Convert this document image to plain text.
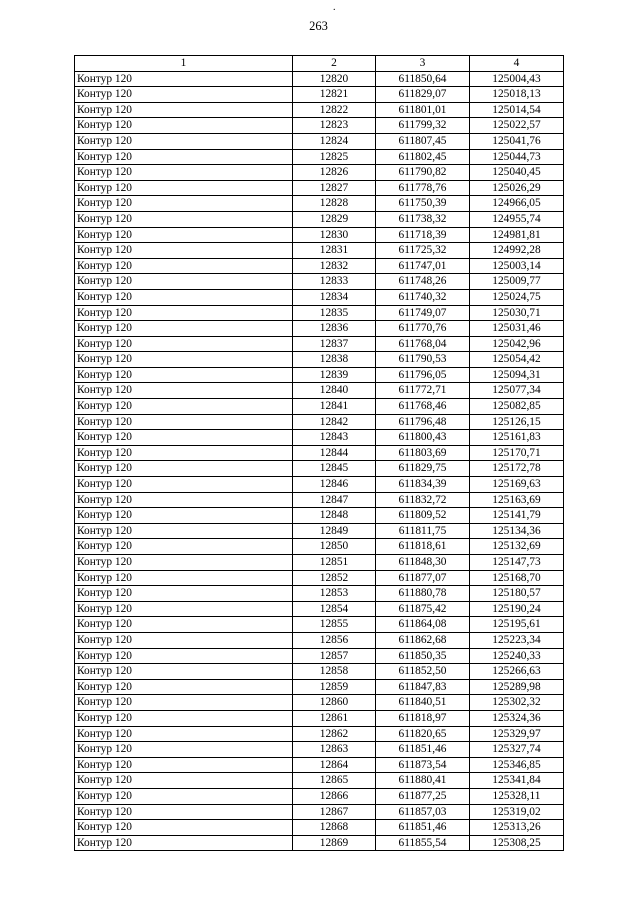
.
263
1	2	3	4
Контур 120	12820	611850,64	125004,43
Контур 120	12821	611829,07	125018,13
Контур 120	12822	611801,01	125014,54
Контур 120	12823	611799,32	125022,57
Контур 120	12824	611807,45	125041,76
Контур 120	12825	611802,45	125044,73
Контур 120	12826	611790,82	125040,45
Контур 120	12827	611778,76	125026,29
Контур 120	12828	611750,39	124966,05
Контур 120	12829	611738,32	124955,74
Контур 120	12830	611718,39	124981,81
Контур 120	12831	611725,32	124992,28
Контур 120	12832	611747,01	125003,14
Контур 120	12833	611748,26	125009,77
Контур 120	12834	611740,32	125024,75
Контур 120	12835	611749,07	125030,71
Контур 120	12836	611770,76	125031,46
Контур 120	12837	611768,04	125042,96
Контур 120	12838	611790,53	125054,42
Контур 120	12839	611796,05	125094,31
Контур 120	12840	611772,71	125077,34
Контур 120	12841	611768,46	125082,85
Контур 120	12842	611796,48	125126,15
Контур 120	12843	611800,43	125161,83
Контур 120	12844	611803,69	125170,71
Контур 120	12845	611829,75	125172,78
Контур 120	12846	611834,39	125169,63
Контур 120	12847	611832,72	125163,69
Контур 120	12848	611809,52	125141,79
Контур 120	12849	611811,75	125134,36
Контур 120	12850	611818,61	125132,69
Контур 120	12851	611848,30	125147,73
Контур 120	12852	611877,07	125168,70
Контур 120	12853	611880,78	125180,57
Контур 120	12854	611875,42	125190,24
Контур 120	12855	611864,08	125195,61
Контур 120	12856	611862,68	125223,34
Контур 120	12857	611850,35	125240,33
Контур 120	12858	611852,50	125266,63
Контур 120	12859	611847,83	125289,98
Контур 120	12860	611840,51	125302,32
Контур 120	12861	611818,97	125324,36
Контур 120	12862	611820,65	125329,97
Контур 120	12863	611851,46	125327,74
Контур 120	12864	611873,54	125346,85
Контур 120	12865	611880,41	125341,84
Контур 120	12866	611877,25	125328,11
Контур 120	12867	611857,03	125319,02
Контур 120	12868	611851,46	125313,26
Контур 120	12869	611855,54	125308,25
